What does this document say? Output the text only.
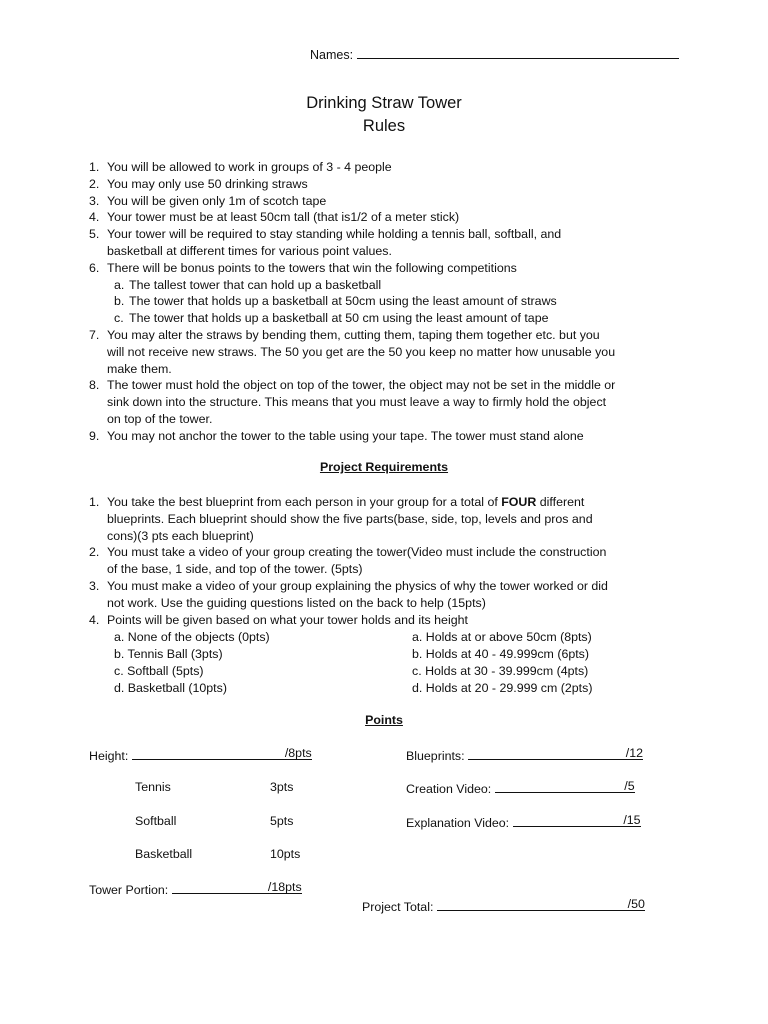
Names:
Drinking Straw Tower
Rules
1. You will be allowed to work in groups of 3 - 4 people
2. You may only use 50 drinking straws
3. You will be given only 1m of scotch tape
4. Your tower must be at least 50cm tall (that is1/2 of a meter stick)
5. Your tower will be required to stay standing while holding a tennis ball, softball, and
basketball at different times for various point values.
6. There will be bonus points to the towers that win the following competitions
a. The tallest tower that can hold up a basketball
b. The tower that holds up a basketball at 50cm using the least amount of straws
c. The tower that holds up a basketball at 50 cm using the least amount of tape
7. You may alter the straws by bending them, cutting them, taping them together etc. but you
will not receive new straws. The 50 you get are the 50 you keep no matter how unusable you
make them.
8. The tower must hold the object on top of the tower, the object may not be set in the middle or
sink down into the structure. This means that you must leave a way to firmly hold the object
on top of the tower.
9. You may not anchor the tower to the table using your tape. The tower must stand alone
Project Requirements
1. You take the best blueprint from each person in your group for a total of FOUR different
blueprints. Each blueprint should show the five parts(base, side, top, levels and pros and
cons)(3 pts each blueprint)
2. You must take a video of your group creating the tower(Video must include the construction
of the base, 1 side, and top of the tower. (5pts)
3. You must make a video of your group explaining the physics of why the tower worked or did
not work. Use the guiding questions listed on the back to help (15pts)
4. Points will be given based on what your tower holds and its height
a. None of the objects (0pts)	a. Holds at or above 50cm (8pts)
b. Tennis Ball (3pts)	b. Holds at 40 - 49.999cm (6pts)
c. Softball (5pts)	c. Holds at 30 - 39.999cm (4pts)
d. Basketball (10pts)	d. Holds at 20 - 29.999 cm (2pts)
Points
Height:	/8pts
Tennis	3pts
Softball	5pts
Basketball	10pts
Tower Portion:	/18pts
Blueprints:	/12
Creation Video:	/5
Explanation Video:	/15
Project Total:	/50
